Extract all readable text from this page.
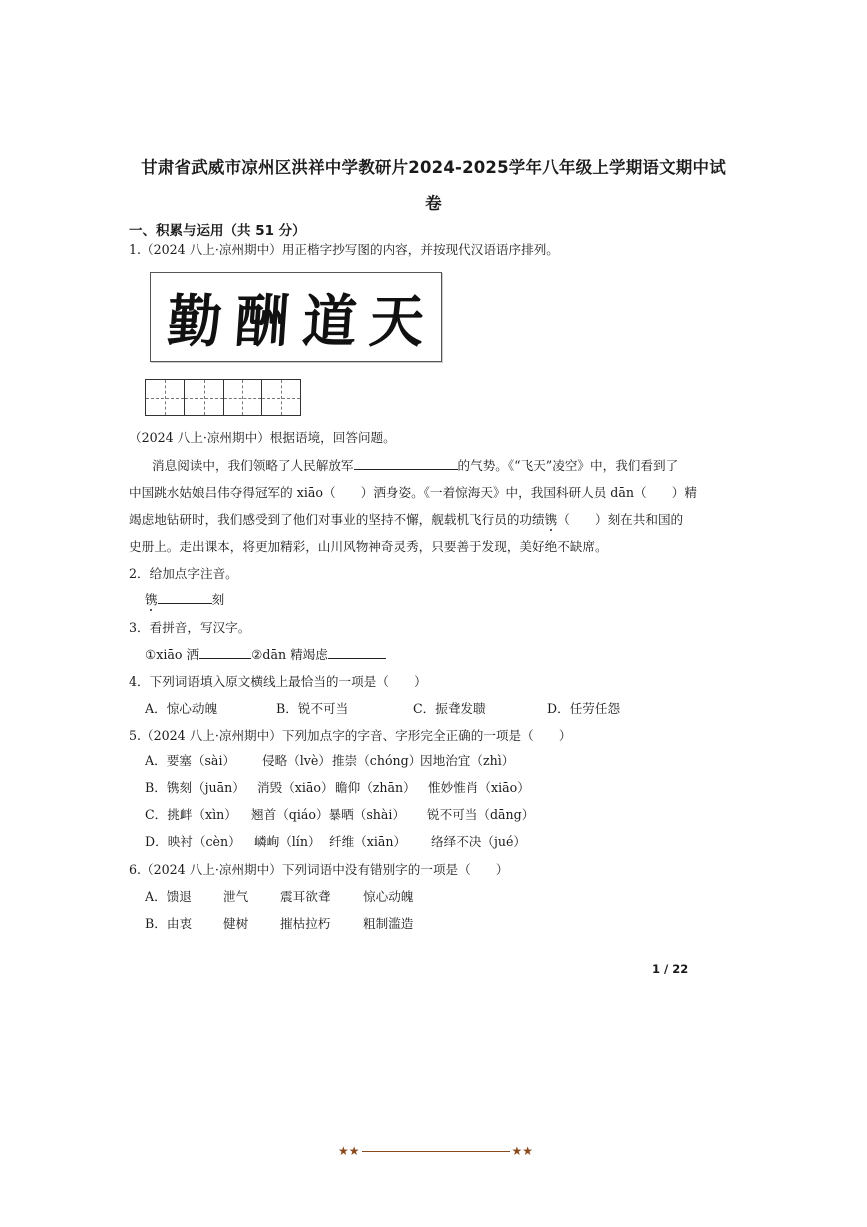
甘肃省武威市凉州区洪祥中学教研片2024-2025学年八年级上学期语文期中试
卷
一、积累与运用（共 51 分）
1.（2024 八上·凉州期中）用正楷字抄写图的内容，并按现代汉语语序排列。
勤 酬 道 天
（2024 八上·凉州期中）根据语境，回答问题。
消息阅读中，我们领略了人民解放军	的气势。《“飞天”凌空》中，我们看到了
中国跳水姑娘吕伟夺得冠军的 xiāo（　　）洒身姿。《一着惊海天》中，我国科研人员 dān（　　）精
竭虑地钻研时，我们感受到了他们对事业的坚持不懈，舰载机飞行员的功绩镌（　　）刻在共和国的
史册上。走出课本，将更加精彩，山川风物神奇灵秀，只要善于发现，美好绝不缺席。
2．给加点字注音。
镌	刻
3．看拼音，写汉字。
①xiāo 洒	②dān 精竭虑
4．下列词语填入原文横线上最恰当的一项是（　　）
A．惊心动魄	B．锐不可当	C．振聋发聩	D．任劳任怨
5.（2024 八上·凉州期中）下列加点字的字音、字形完全正确的一项是（　　）
A．要塞（sài） 侵略（lvè）推崇（chóng）因地治宜（zhì）
B．镌刻（juān） 消毁（xiāo）瞻仰（zhān） 惟妙惟肖（xiāo）
C．挑衅（xìn） 翘首（qiáo）暴晒（shài） 锐不可当（dāng）
D．映衬（cèn） 嶙峋（lín） 纤维（xiān） 络绎不决（jué）
6.（2024 八上·凉州期中）下列词语中没有错别字的一项是（　　）
A．馈退 泄气	震耳欲聋	惊心动魄
B．由衷 健树	摧枯拉朽	粗制滥造
1 / 22
★★	★★
